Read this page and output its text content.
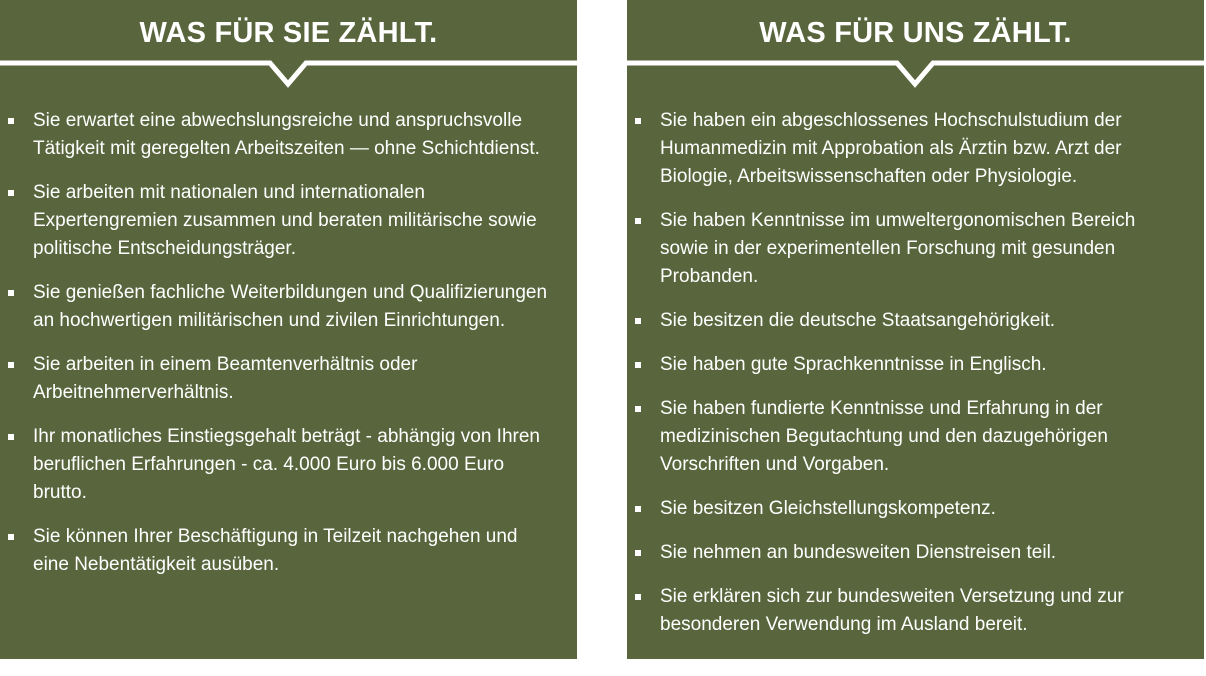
WAS FÜR SIE ZÄHLT.
Sie erwartet eine abwechslungsreiche und anspruchsvolle Tätigkeit mit geregelten Arbeitszeiten — ohne Schichtdienst.
Sie arbeiten mit nationalen und internationalen Expertengremien zusammen und beraten militärische sowie politische Entscheidungsträger.
Sie genießen fachliche Weiterbildungen und Qualifizierungen an hochwertigen militärischen und zivilen Einrichtungen.
Sie arbeiten in einem Beamtenverhältnis oder Arbeitnehmerverhältnis.
Ihr monatliches Einstiegsgehalt beträgt - abhängig von Ihren beruflichen Erfahrungen - ca. 4.000 Euro bis 6.000 Euro brutto.
Sie können Ihrer Beschäftigung in Teilzeit nachgehen und eine Nebentätigkeit ausüben.
WAS FÜR UNS ZÄHLT.
Sie haben ein abgeschlossenes Hochschulstudium der Humanmedizin mit Approbation als Ärztin bzw. Arzt der Biologie, Arbeitswissenschaften oder Physiologie.
Sie haben Kenntnisse im umweltergonomischen Bereich sowie in der experimentellen Forschung mit gesunden Probanden.
Sie besitzen die deutsche Staatsangehörigkeit.
Sie haben gute Sprachkenntnisse in Englisch.
Sie haben fundierte Kenntnisse und Erfahrung in der medizinischen Begutachtung und den dazugehörigen Vorschriften und Vorgaben.
Sie besitzen Gleichstellungskompetenz.
Sie nehmen an bundesweiten Dienstreisen teil.
Sie erklären sich zur bundesweiten Versetzung und zur besonderen Verwendung im Ausland bereit.
